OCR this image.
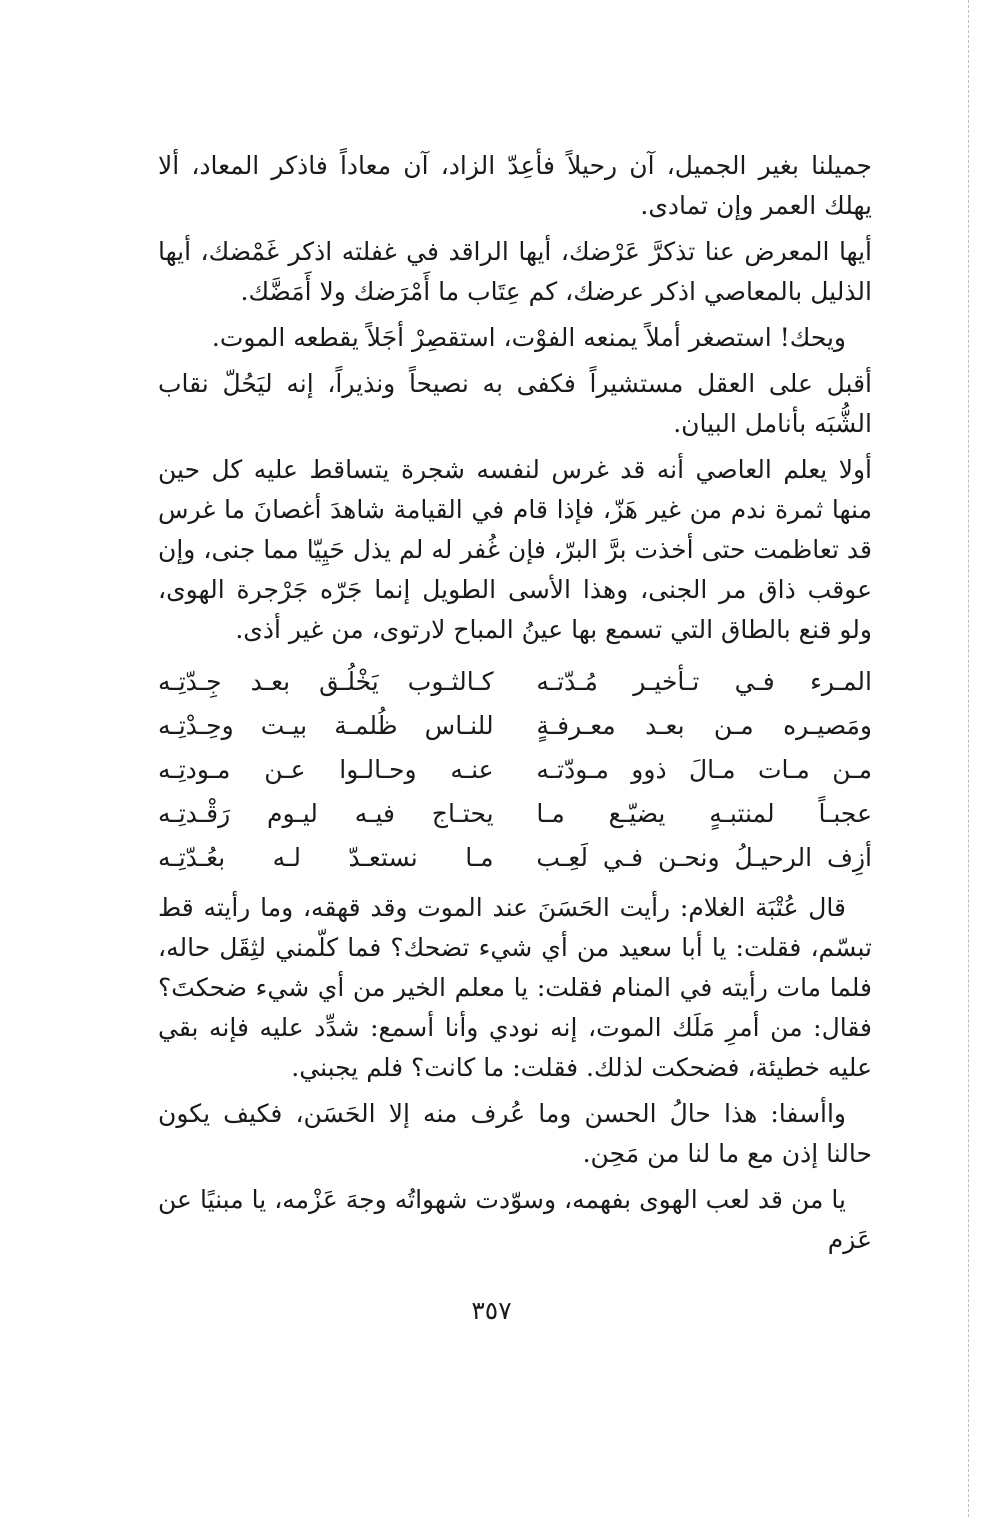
جميلنا بغير الجميل، آن رحيلاً فأعِدّ الزاد، آن معاداً فاذكر المعاد، ألا يهلك العمر وإن تمادى.

أيها المعرض عنا تذكرَّ عَرْضك، أيها الراقد في غفلته اذكر غَمْضك، أيها الذليل بالمعاصي اذكر عرضك، كم عِتَاب ما أَمْرَضك ولا أَمَضَّك.

ويحك! استصغر أملاً يمنعه الفوْت، استقصِرْ أجَلاً يقطعه الموت.

أقبل على العقل مستشيراً فكفى به نصيحاً ونذيراً، إنه ليَحُلّ نقاب الشُّبَه بأنامل البيان.

أولا يعلم العاصي أنه قد غرس لنفسه شجرة يتساقط عليه كل حين منها ثمرة ندم من غير هَزّ، فإذا قام في القيامة شاهدَ أغصانَ ما غرس قد تعاظمت حتى أخذت برَّ البرّ، فإن غُفر له لم يذل حَيِيّا مما جنى، وإن عوقب ذاق مر الجنى، وهذا الأسى الطويل إنما جَرّه جَرْجرة الهوى، ولو قنع بالطاق التي تسمع بها عينُ المباح لارتوى، من غير أذى.

المـرء فـي تـأخيـر مُـدّتـه
كـالثـوب يَخْلُـق بعـد جِـدّتِـه
ومَصيـره مـن بعـد معـرفـةٍ
للنـاس ظُلمـة بيـت وحِـدْتِـه
مـن مـات مـالَ ذوو مـودّتـه
عنـه وحـالـوا عـن مـودتِـه
عجبـاً لمنتبـهٍ يضيّـع مـا
يحتـاج فيـه ليـوم رَقْـدتِـه
أزِف الرحيـلُ ونحـن فـي لَعِـب
مـا نستعـدّ لـه بعُـدّتِـه

قال عُتْبَة الغلام: رأيت الحَسَنَ عند الموت وقد قهقه، وما رأيته قط تبسّم، فقلت: يا أبا سعيد من أي شيء تضحك؟ فما كلّمني لثِقَل حاله، فلما مات رأيته في المنام فقلت: يا معلم الخير من أي شيء ضحكتَ؟ فقال: من أمرِ مَلَك الموت، إنه نودي وأنا أسمع: شدِّد عليه فإنه بقي عليه خطيئة، فضحكت لذلك. فقلت: ما كانت؟ فلم يجبني.

واأسفا: هذا حالُ الحسن وما عُرف منه إلا الحَسَن، فكيف يكون حالنا إذن مع ما لنا من مَحِن.

يا من قد لعب الهوى بفهمه، وسوّدت شهواتُه وجهَ عَزْمه، يا مبنيًا عن عَزم

٣٥٧
